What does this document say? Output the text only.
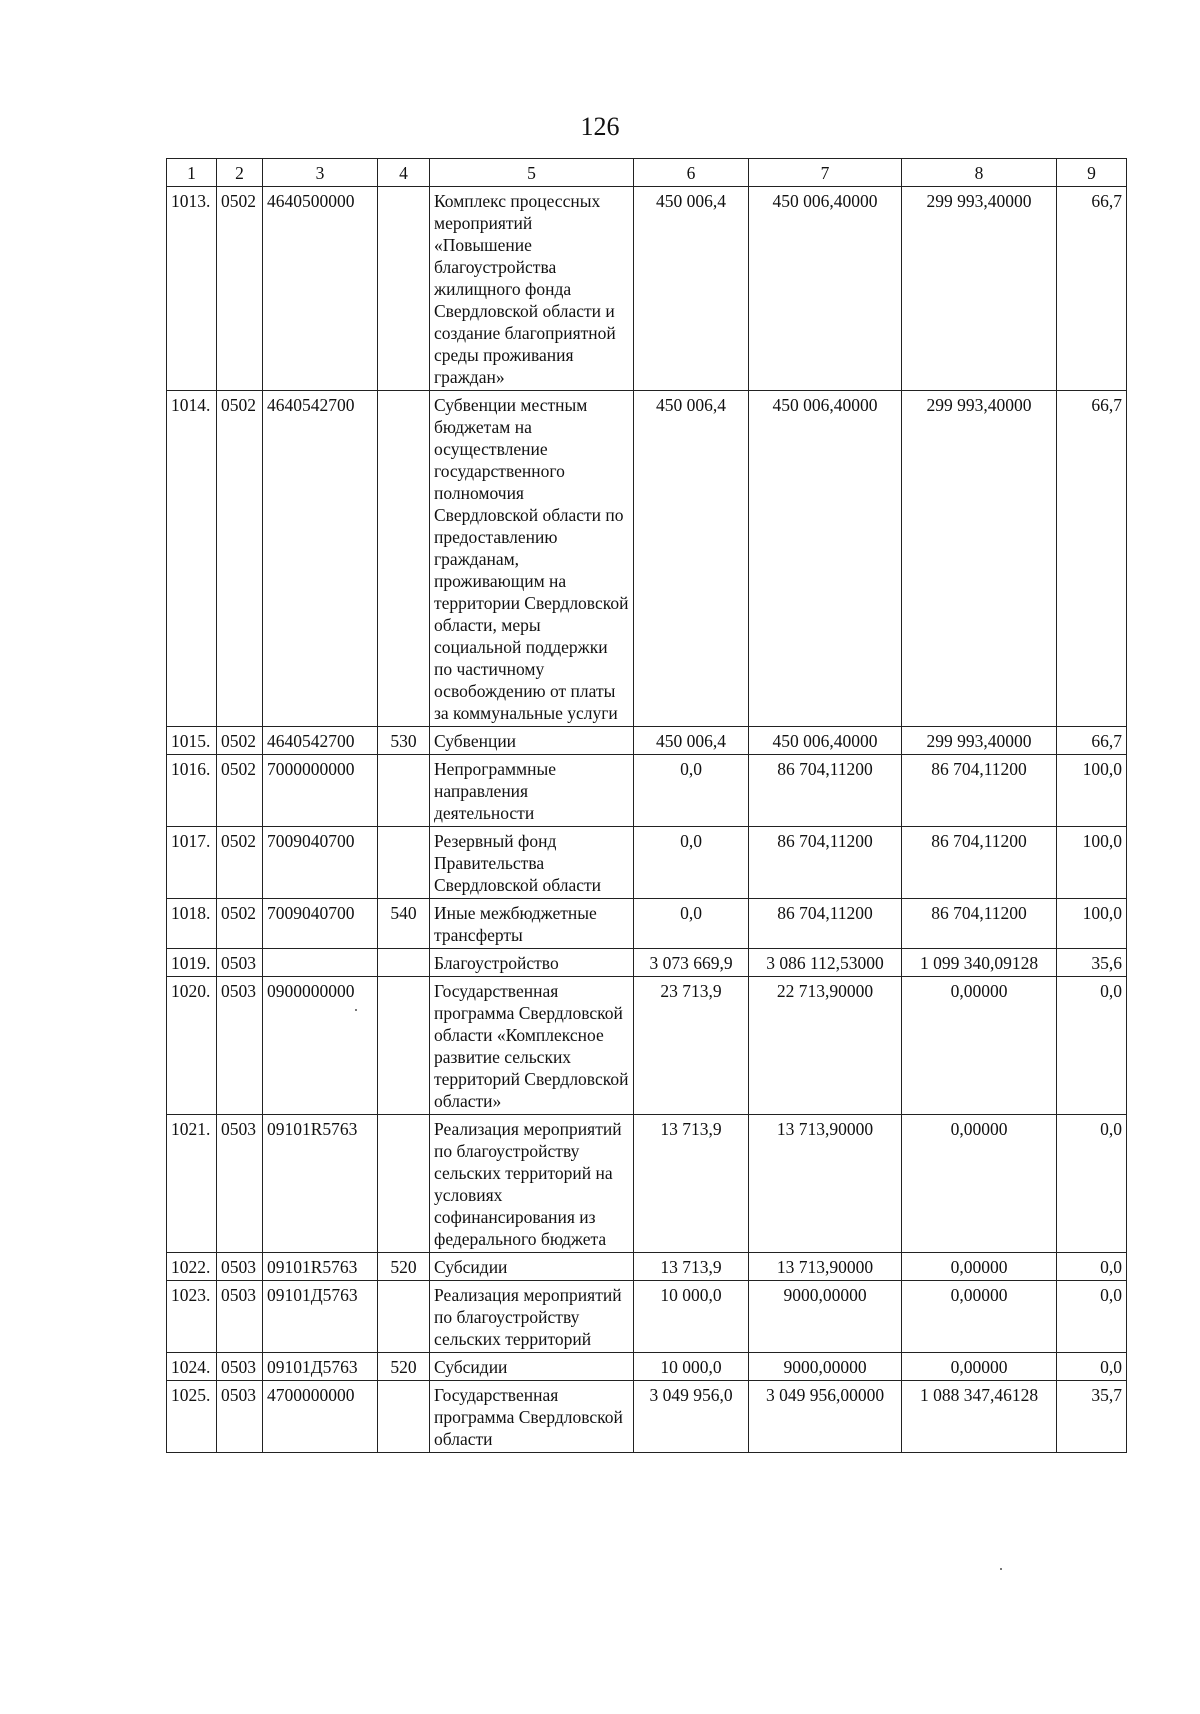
126
1	2	3	4	5	6	7	8	9
1013.	0502	4640500000		Комплекс процессных мероприятий «Повышение благоустройства жилищного фонда Свердловской области и создание благоприятной среды проживания граждан»	450 006,4	450 006,40000	299 993,40000	66,7
1014.	0502	4640542700		Субвенции местным бюджетам на осуществление государственного полномочия Свердловской области по предоставлению гражданам, проживающим на территории Свердловской области, меры социальной поддержки по частичному освобождению от платы за коммунальные услуги	450 006,4	450 006,40000	299 993,40000	66,7
1015.	0502	4640542700	530	Субвенции	450 006,4	450 006,40000	299 993,40000	66,7
1016.	0502	7000000000		Непрограммные направления деятельности	0,0	86 704,11200	86 704,11200	100,0
1017.	0502	7009040700		Резервный фонд Правительства Свердловской области	0,0	86 704,11200	86 704,11200	100,0
1018.	0502	7009040700	540	Иные межбюджетные трансферты	0,0	86 704,11200	86 704,11200	100,0
1019.	0503			Благоустройство	3 073 669,9	3 086 112,53000	1 099 340,09128	35,6
1020.	0503	0900000000		Государственная программа Свердловской области «Комплексное развитие сельских территорий Свердловской области»	23 713,9	22 713,90000	0,00000	0,0
1021.	0503	09101R5763		Реализация мероприятий по благоустройству сельских территорий на условиях софинансирования из федерального бюджета	13 713,9	13 713,90000	0,00000	0,0
1022.	0503	09101R5763	520	Субсидии	13 713,9	13 713,90000	0,00000	0,0
1023.	0503	09101Д5763		Реализация мероприятий по благоустройству сельских территорий	10 000,0	9000,00000	0,00000	0,0
1024.	0503	09101Д5763	520	Субсидии	10 000,0	9000,00000	0,00000	0,0
1025.	0503	4700000000		Государственная программа Свердловской области	3 049 956,0	3 049 956,00000	1 088 347,46128	35,7
